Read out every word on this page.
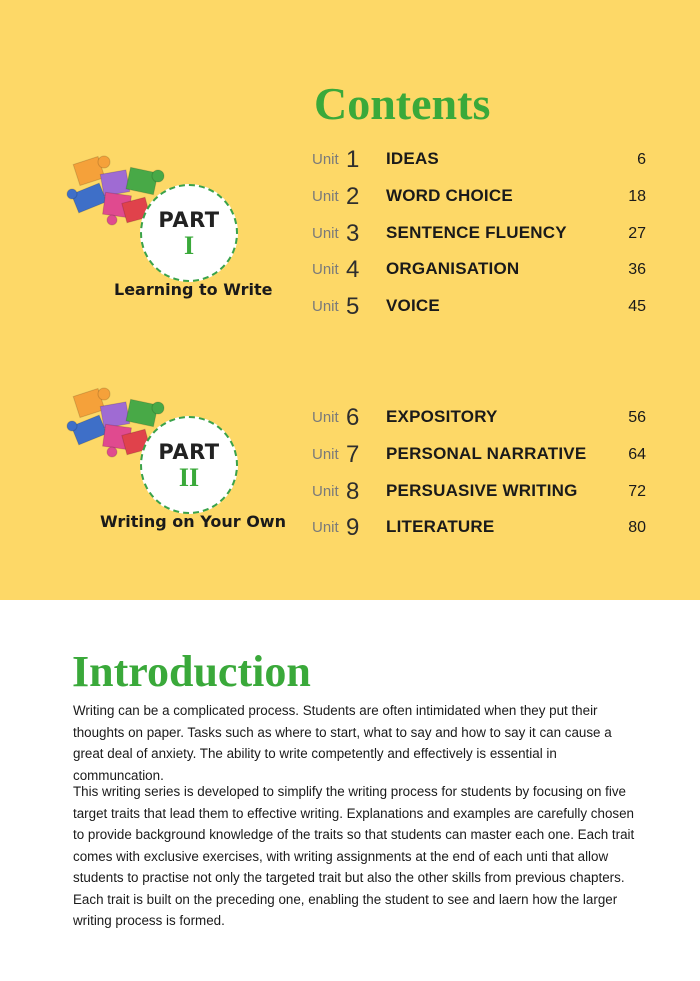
Contents
PART
I
Learning to Write
PART
II
Writing on Your Own
Unit 1 IDEAS	6
Unit 2 WORD CHOICE	18
Unit 3 SENTENCE FLUENCY	27
Unit 4 ORGANISATION	36
Unit 5 VOICE	45
Unit 6 EXPOSITORY	56
Unit 7 PERSONAL NARRATIVE	64
Unit 8 PERSUASIVE WRITING	72
Unit 9 LITERATURE	80
Introduction

Writing can be a complicated process. Students are often intimidated when they put their thoughts on paper. Tasks such as where to start, what to say and how to say it can cause a great deal of anxiety. The ability to write competently and effectively is essential in communcation.

This writing series is developed to simplify the writing process for students by focusing on five target traits that lead them to effective writing. Explanations and examples are carefully chosen to provide background knowledge of the traits so that students can master each one. Each trait comes with exclusive exercises, with writing assignments at the end of each unti that allow students to practise not only the targeted trait but also the other skills from previous chapters. Each trait is built on the preceding one, enabling the student to see and laern how the larger writing process is formed.
